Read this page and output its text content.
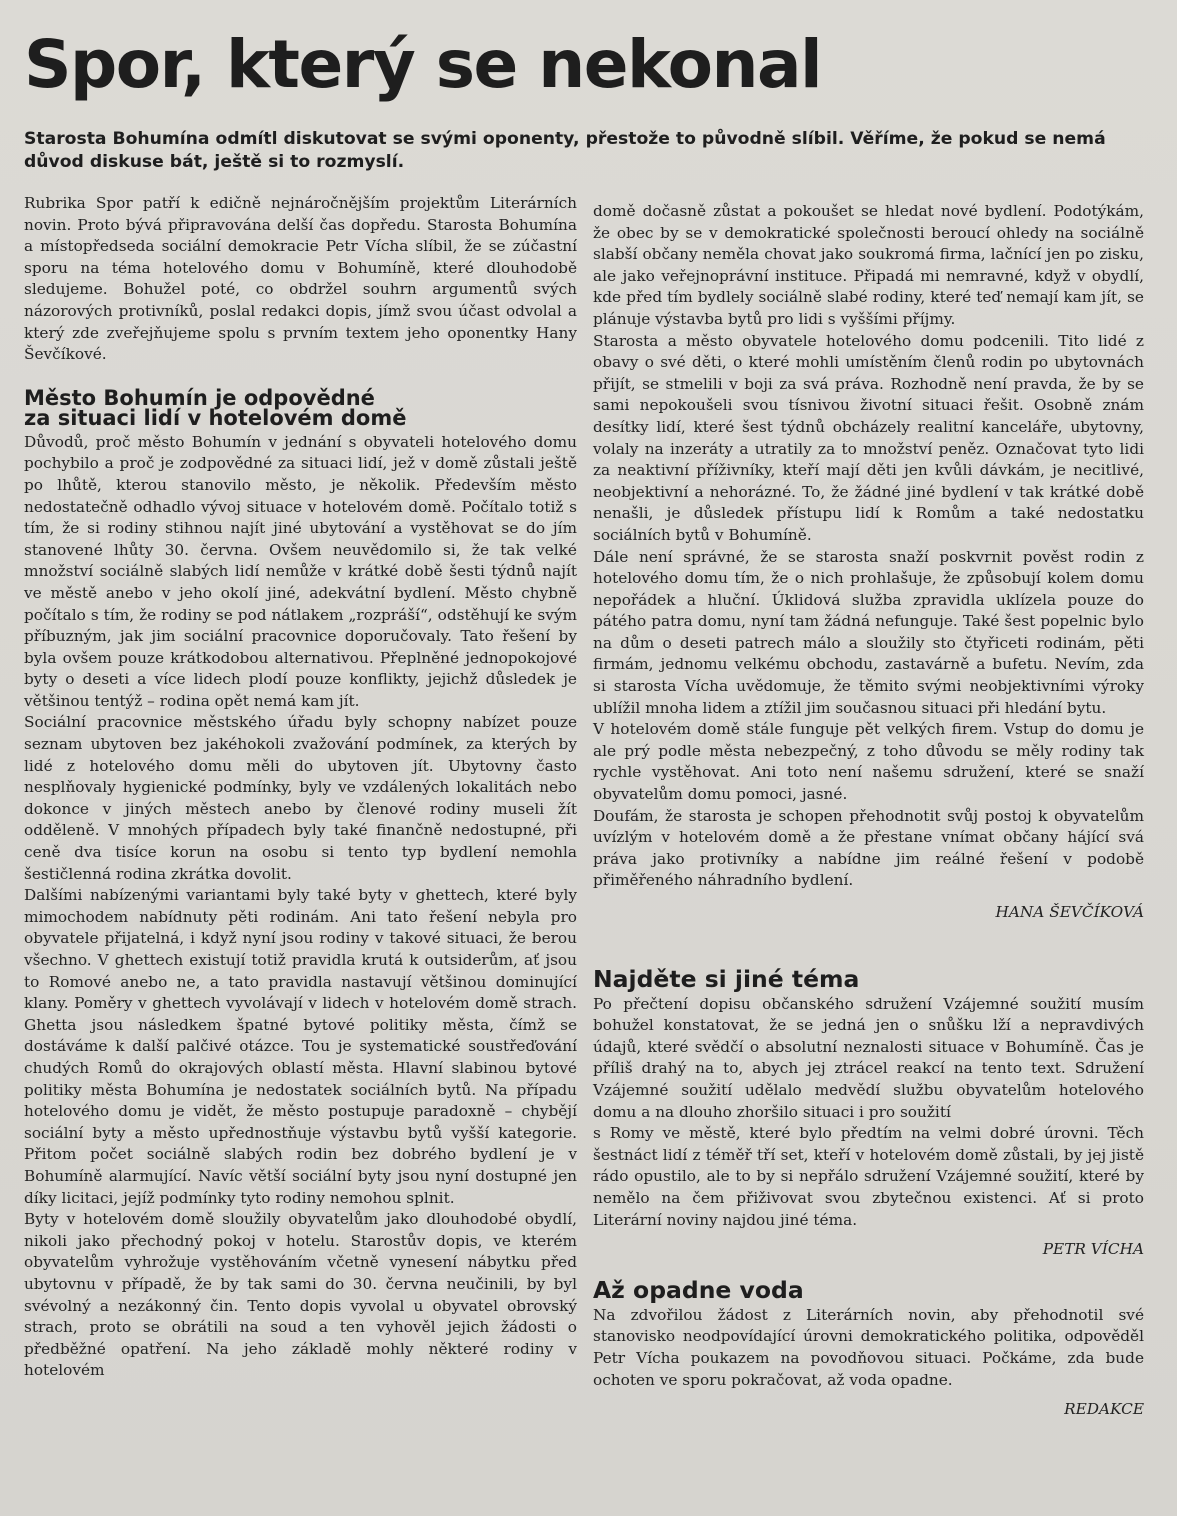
Spor, který se nekonal

Starosta Bohumína odmítl diskutovat se svými oponenty, přestože to původně slíbil. Věříme, že pokud se nemá důvod diskuse bát, ještě si to rozmyslí.

Rubrika Spor patří k edičně nejnáročnějším projektům Literárních novin. Proto bývá připravována delší čas dopředu. Starosta Bohumína a místopředseda sociální demokracie Petr Vícha slíbil, že se zúčastní sporu na téma hotelového domu v Bohumíně, které dlouhodobě sledujeme. Bohužel poté, co obdržel souhrn argumentů svých názorových protivníků, poslal redakci dopis, jímž svou účast odvolal a který zde zveřejňujeme spolu s prvním textem jeho oponentky Hany Ševčíkové.

Město Bohumín je odpovědné
za situaci lidí v hotelovém domě

Důvodů, proč město Bohumín v jednání s obyvateli hotelového domu pochybilo a proč je zodpovědné za situaci lidí, jež v domě zůstali ještě po lhůtě, kterou stanovilo město, je několik. Především město nedostatečně odhadlo vývoj situace v hotelovém domě. Počítalo totiž s tím, že si rodiny stihnou najít jiné ubytování a vystěhovat se do jím stanovené lhůty 30. června. Ovšem neuvědomilo si, že tak velké množství sociálně slabých lidí nemůže v krátké době šesti týdnů najít ve městě anebo v jeho okolí jiné, adekvátní bydlení. Město chybně počítalo s tím, že rodiny se pod nátlakem „rozpráší“, odstěhují ke svým příbuzným, jak jim sociální pracovnice doporučovaly. Tato řešení by byla ovšem pouze krátkodobou alternativou. Přeplněné jednopokojové byty o deseti a více lidech plodí pouze konflikty, jejichž důsledek je většinou tentýž – rodina opět nemá kam jít.

Sociální pracovnice městského úřadu byly schopny nabízet pouze seznam ubytoven bez jakéhokoli zvažování podmínek, za kterých by lidé z hotelového domu měli do ubytoven jít. Ubytovny často nesplňovaly hygienické podmínky, byly ve vzdálených lokalitách nebo dokonce v jiných městech anebo by členové rodiny museli žít odděleně. V mnohých případech byly také finančně nedostupné, při ceně dva tisíce korun na osobu si tento typ bydlení nemohla šestičlenná rodina zkrátka dovolit.

Dalšími nabízenými variantami byly také byty v ghettech, které byly mimochodem nabídnuty pěti rodinám. Ani tato řešení nebyla pro obyvatele přijatelná, i když nyní jsou rodiny v takové situaci, že berou všechno. V ghettech existují totiž pravidla krutá k outsiderům, ať jsou to Romové anebo ne, a tato pravidla nastavují většinou dominující klany. Poměry v ghettech vyvolávají v lidech v hotelovém domě strach. Ghetta jsou následkem špatné bytové politiky města, čímž se dostáváme k další palčivé otázce. Tou je systematické soustřeďování chudých Romů do okrajových oblastí města. Hlavní slabinou bytové politiky města Bohumína je nedostatek sociálních bytů. Na případu hotelového domu je vidět, že město postupuje paradoxně – chybějí sociální byty a město upřednostňuje výstavbu bytů vyšší kategorie. Přitom počet sociálně slabých rodin bez dobrého bydlení je v Bohumíně alarmující. Navíc větší sociální byty jsou nyní dostupné jen díky licitaci, jejíž podmínky tyto rodiny nemohou splnit.

Byty v hotelovém domě sloužily obyvatelům jako dlouhodobé obydlí, nikoli jako přechodný pokoj v hotelu. Starostův dopis, ve kterém obyvatelům vyhrožuje vystěhováním včetně vynesení nábytku před ubytovnu v případě, že by tak sami do 30. června neučinili, by byl svévolný a nezákonný čin. Tento dopis vyvolal u obyvatel obrovský strach, proto se obrátili na soud a ten vyhověl jejich žádosti o předběžné opatření. Na jeho základě mohly některé rodiny v hotelovém

domě dočasně zůstat a pokoušet se hledat nové bydlení. Podotýkám, že obec by se v demokratické společnosti beroucí ohledy na sociálně slabší občany neměla chovat jako soukromá firma, lačnící jen po zisku, ale jako veřejnoprávní instituce. Připadá mi nemravné, když v obydlí, kde před tím bydlely sociálně slabé rodiny, které teď nemají kam jít, se plánuje výstavba bytů pro lidi s vyššími příjmy.

Starosta a město obyvatele hotelového domu podcenili. Tito lidé z obavy o své děti, o které mohli umístěním členů rodin po ubytovnách přijít, se stmelili v boji za svá práva. Rozhodně není pravda, že by se sami nepokoušeli svou tísnivou životní situaci řešit. Osobně znám desítky lidí, které šest týdnů obcházely realitní kanceláře, ubytovny, volaly na inzeráty a utratily za to množství peněz. Označovat tyto lidi za neaktivní příživníky, kteří mají děti jen kvůli dávkám, je necitlivé, neobjektivní a nehorázné. To, že žádné jiné bydlení v tak krátké době nenašli, je důsledek přístupu lidí k Romům a také nedostatku sociálních bytů v Bohumíně.

Dále není správné, že se starosta snaží poskvrnit pověst rodin z hotelového domu tím, že o nich prohlašuje, že způsobují kolem domu nepořádek a hluční. Úklidová služba zpravidla uklízela pouze do pátého patra domu, nyní tam žádná nefunguje. Také šest popelnic bylo na dům o deseti patrech málo a sloužily sto čtyřiceti rodinám, pěti firmám, jednomu velkému obchodu, zastavárně a bufetu. Nevím, zda si starosta Vícha uvědomuje, že těmito svými neobjektivními výroky ublížil mnoha lidem a ztížil jim současnou situaci při hledání bytu.

V hotelovém domě stále funguje pět velkých firem. Vstup do domu je ale prý podle města nebezpečný, z toho důvodu se měly rodiny tak rychle vystěhovat. Ani toto není našemu sdružení, které se snaží obyvatelům domu pomoci, jasné.

Doufám, že starosta je schopen přehodnotit svůj postoj k obyvatelům uvízlým v hotelovém domě a že přestane vnímat občany hájící svá práva jako protivníky a nabídne jim reálné řešení v podobě přiměřeného náhradního bydlení.

HANA ŠEVČÍKOVÁ

Najděte si jiné téma

Po přečtení dopisu občanského sdružení Vzájemné soužití musím bohužel konstatovat, že se jedná jen o snůšku lží a nepravdivých údajů, které svědčí o absolutní neznalosti situace v Bohumíně. Čas je příliš drahý na to, abych jej ztrácel reakcí na tento text. Sdružení Vzájemné soužití udělalo medvědí službu obyvatelům hotelového domu a na dlouho zhoršilo situaci i pro soužití

s Romy ve městě, které bylo předtím na velmi dobré úrovni. Těch šestnáct lidí z téměř tří set, kteří v hotelovém domě zůstali, by jej jistě rádo opustilo, ale to by si nepřálo sdružení Vzájemné soužití, které by nemělo na čem přiživovat svou zbytečnou existenci. Ať si proto Literární noviny najdou jiné téma.

PETR VÍCHA

Až opadne voda

Na zdvořilou žádost z Literárních novin, aby přehodnotil své stanovisko neodpovídající úrovni demokratického politika, odpověděl Petr Vícha poukazem na povodňovou situaci. Počkáme, zda bude ochoten ve sporu pokračovat, až voda opadne.

REDAKCE
